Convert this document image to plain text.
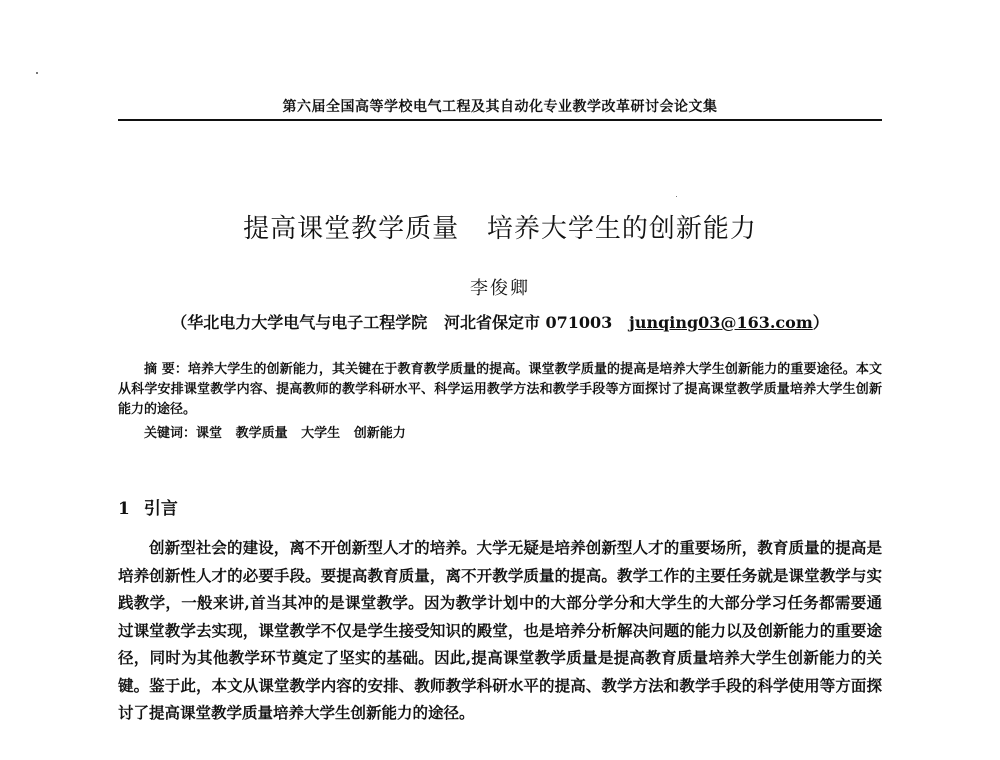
第六届全国高等学校电气工程及其自动化专业教学改革研讨会论文集
提高课堂教学质量   培养大学生的创新能力
李俊卿
（华北电力大学电气与电子工程学院   河北省保定市 071003   junqing03@163.com）
摘 要：培养大学生的创新能力，其关键在于教育教学质量的提高。课堂教学质量的提高是培养大学生创新能力的重要途径。本文从科学安排课堂教学内容、提高教师的教学科研水平、科学运用教学方法和教学手段等方面探讨了提高课堂教学质量培养大学生创新能力的途径。
关键词：课堂   教学质量   大学生   创新能力
1 引言
创新型社会的建设，离不开创新型人才的培养。大学无疑是培养创新型人才的重要场所，教育质量的提高是培养创新性人才的必要手段。要提高教育质量，离不开教学质量的提高。教学工作的主要任务就是课堂教学与实践教学，一般来讲,首当其冲的是课堂教学。因为教学计划中的大部分学分和大学生的大部分学习任务都需要通过课堂教学去实现，课堂教学不仅是学生接受知识的殿堂，也是培养分析解决问题的能力以及创新能力的重要途径，同时为其他教学环节奠定了坚实的基础。因此,提高课堂教学质量是提高教育质量培养大学生创新能力的关键。鉴于此，本文从课堂教学内容的安排、教师教学科研水平的提高、教学方法和教学手段的科学使用等方面探讨了提高课堂教学质量培养大学生创新能力的途径。
